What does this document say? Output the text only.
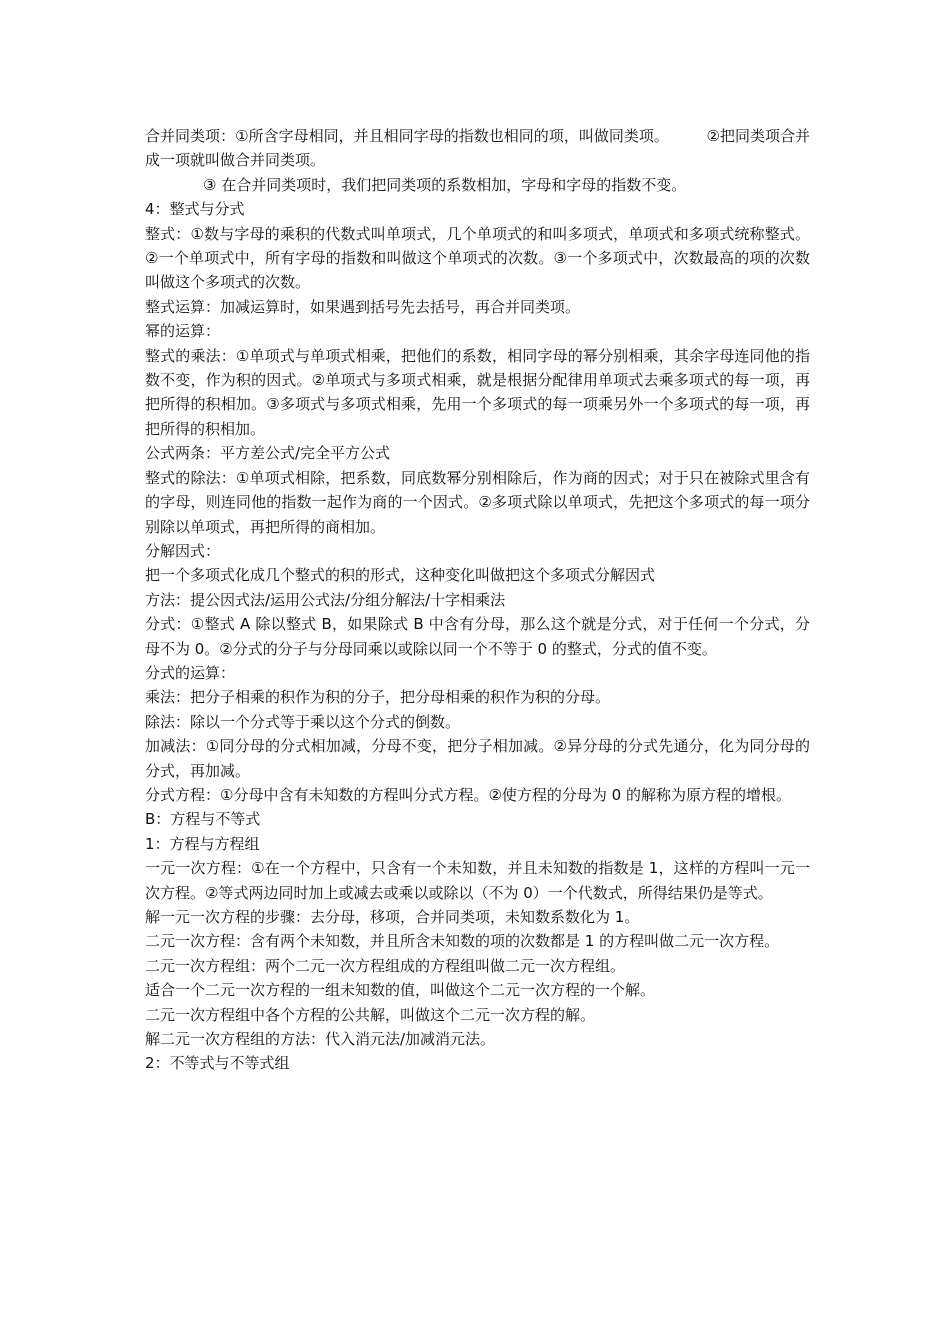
合并同类项：①所含字母相同，并且相同字母的指数也相同的项，叫做同类项。　　　②把同类项合并成一项就叫做合并同类项。

③ 在合并同类项时，我们把同类项的系数相加，字母和字母的指数不变。

4：整式与分式

整式：①数与字母的乘积的代数式叫单项式，几个单项式的和叫多项式，单项式和多项式统称整式。②一个单项式中，所有字母的指数和叫做这个单项式的次数。③一个多项式中，次数最高的项的次数叫做这个多项式的次数。

整式运算：加减运算时，如果遇到括号先去括号，再合并同类项。

幂的运算：

整式的乘法：①单项式与单项式相乘，把他们的系数，相同字母的幂分别相乘，其余字母连同他的指数不变，作为积的因式。②单项式与多项式相乘，就是根据分配律用单项式去乘多项式的每一项，再把所得的积相加。③多项式与多项式相乘，先用一个多项式的每一项乘另外一个多项式的每一项，再把所得的积相加。

公式两条：平方差公式/完全平方公式

整式的除法：①单项式相除，把系数，同底数幂分别相除后，作为商的因式；对于只在被除式里含有的字母，则连同他的指数一起作为商的一个因式。②多项式除以单项式，先把这个多项式的每一项分别除以单项式，再把所得的商相加。

分解因式：

把一个多项式化成几个整式的积的形式，这种变化叫做把这个多项式分解因式

方法：提公因式法/运用公式法/分组分解法/十字相乘法

分式：①整式 A 除以整式 B，如果除式 B 中含有分母，那么这个就是分式，对于任何一个分式，分母不为 0。②分式的分子与分母同乘以或除以同一个不等于 0 的整式，分式的值不变。

分式的运算：

乘法：把分子相乘的积作为积的分子，把分母相乘的积作为积的分母。

除法：除以一个分式等于乘以这个分式的倒数。

加减法：①同分母的分式相加减，分母不变，把分子相加减。②异分母的分式先通分，化为同分母的分式，再加减。

分式方程：①分母中含有未知数的方程叫分式方程。②使方程的分母为 0 的解称为原方程的增根。

B：方程与不等式

1：方程与方程组

一元一次方程：①在一个方程中，只含有一个未知数，并且未知数的指数是 1，这样的方程叫一元一次方程。②等式两边同时加上或减去或乘以或除以（不为 0）一个代数式，所得结果仍是等式。

解一元一次方程的步骤：去分母，移项，合并同类项，未知数系数化为 1。

二元一次方程：含有两个未知数，并且所含未知数的项的次数都是 1 的方程叫做二元一次方程。

二元一次方程组：两个二元一次方程组成的方程组叫做二元一次方程组。

适合一个二元一次方程的一组未知数的值，叫做这个二元一次方程的一个解。

二元一次方程组中各个方程的公共解，叫做这个二元一次方程的解。

解二元一次方程组的方法：代入消元法/加减消元法。

2：不等式与不等式组
